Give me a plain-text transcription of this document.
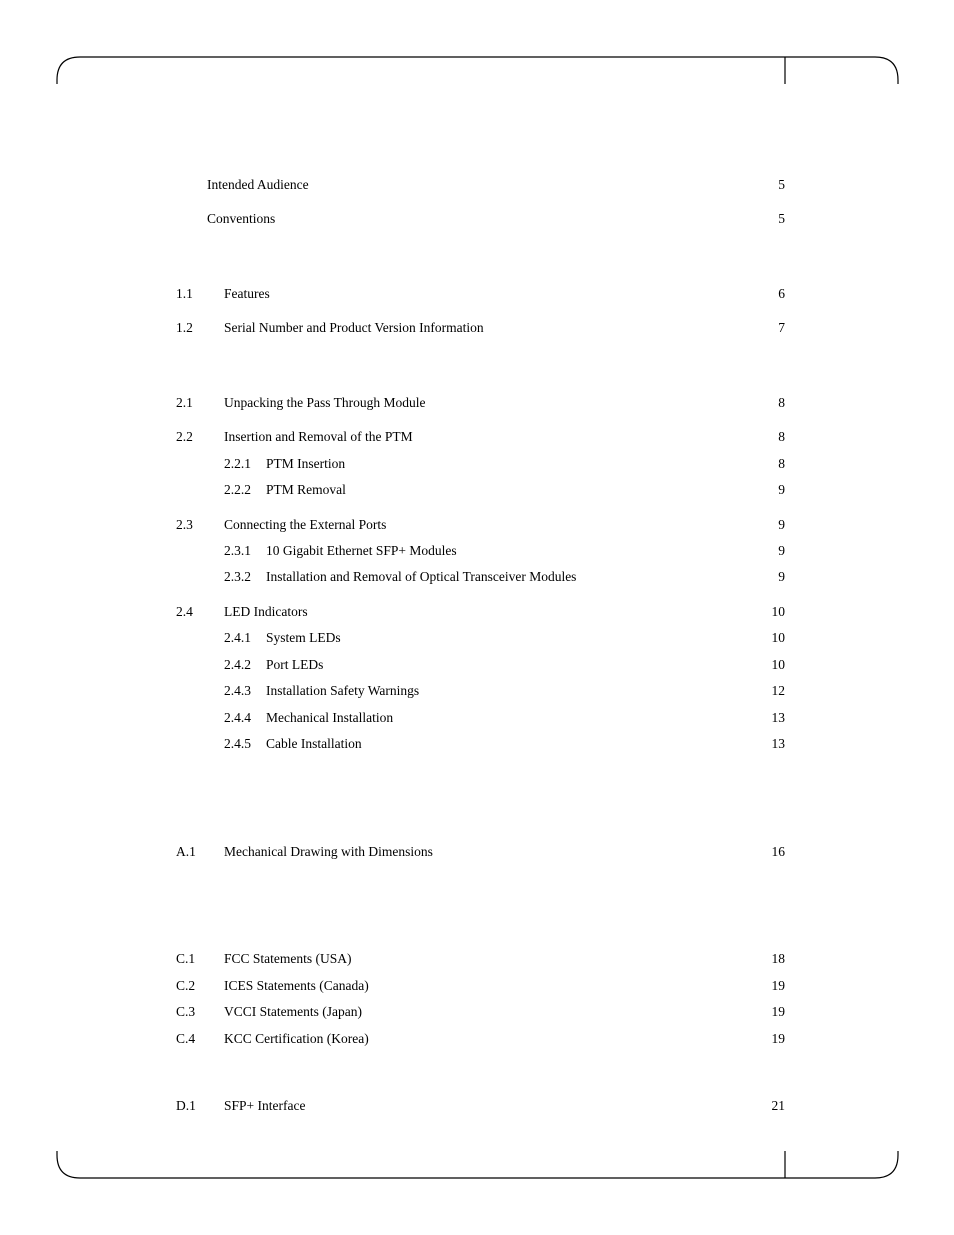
Intended Audience	5
Conventions	5
1.1 Features	6
1.2 Serial Number and Product Version Information	7
2.1 Unpacking the Pass Through Module	8
2.2 Insertion and Removal of the PTM	8
2.2.1 PTM Insertion	8
2.2.2 PTM Removal	9
2.3 Connecting the External Ports	9
2.3.1 10 Gigabit Ethernet SFP+ Modules	9
2.3.2 Installation and Removal of Optical Transceiver Modules	9
2.4 LED Indicators	10
2.4.1 System LEDs	10
2.4.2 Port LEDs	10
2.4.3 Installation Safety Warnings	12
2.4.4 Mechanical Installation	13
2.4.5 Cable Installation	13
A.1 Mechanical Drawing with Dimensions	16
C.1 FCC Statements (USA)	18
C.2 ICES Statements (Canada)	19
C.3 VCCI Statements (Japan)	19
C.4 KCC Certification (Korea)	19
D.1 SFP+ Interface	21
